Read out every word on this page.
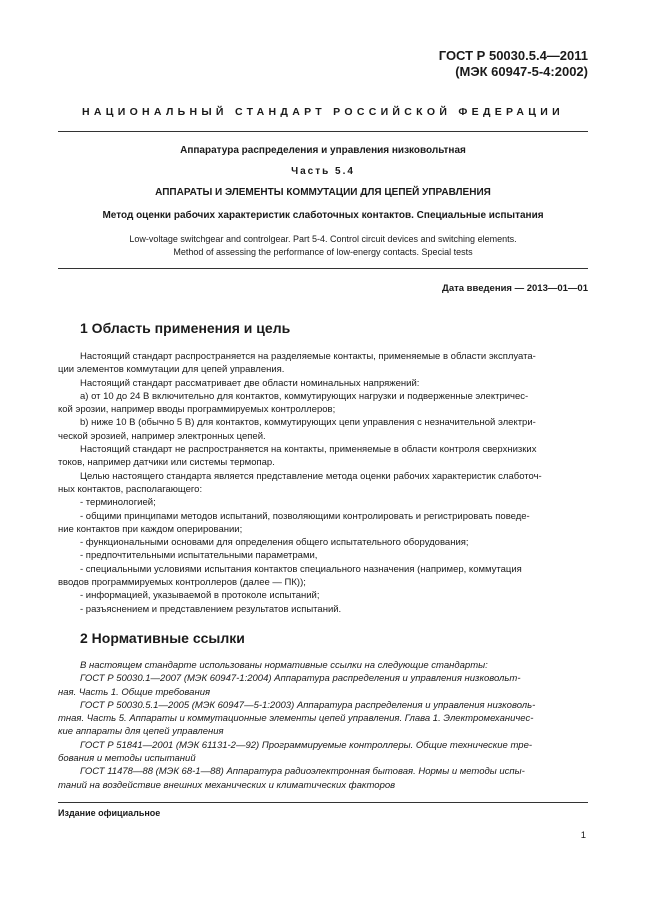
ГОСТ Р 50030.5.4—2011
(МЭК 60947-5-4:2002)
НАЦИОНАЛЬНЫЙ СТАНДАРТ РОССИЙСКОЙ ФЕДЕРАЦИИ
Аппаратура распределения и управления низковольтная
Часть 5.4
АППАРАТЫ И ЭЛЕМЕНТЫ КОММУТАЦИИ ДЛЯ ЦЕПЕЙ УПРАВЛЕНИЯ
Метод оценки рабочих характеристик слаботочных контактов. Специальные испытания
Low-voltage switchgear and controlgear. Part 5-4. Control circuit devices and switching elements.
Method of assessing the performance of low-energy contacts. Special tests
Дата введения — 2013—01—01
1 Область применения и цель
Настоящий стандарт распространяется на разделяемые контакты, применяемые в области эксплуата-
ции элементов коммутации для цепей управления.
Настоящий стандарт рассматривает две области номинальных напряжений:
а) от 10 до 24 В включительно для контактов, коммутирующих нагрузки и подверженные электричес-
кой эрозии, например вводы программируемых контроллеров;
b) ниже 10 В (обычно 5 В) для контактов, коммутирующих цепи управления с незначительной электри-
ческой эрозией, например электронных цепей.
Настоящий стандарт не распространяется на контакты, применяемые в области контроля сверхнизких
токов, например датчики или системы термопар.
Целью настоящего стандарта является представление метода оценки рабочих характеристик слаботоч-
ных контактов, располагающего:
- терминологией;
- общими принципами методов испытаний, позволяющими контролировать и регистрировать поведе-
ние контактов при каждом оперировании;
- функциональными основами для определения общего испытательного оборудования;
- предпочтительными испытательными параметрами,
- специальными условиями испытания контактов специального назначения (например, коммутация
вводов программируемых контроллеров (далее — ПК));
- информацией, указываемой в протоколе испытаний;
- разъяснением и представлением результатов испытаний.
2 Нормативные ссылки
В настоящем стандарте использованы нормативные ссылки на следующие стандарты:
ГОСТ Р 50030.1—2007 (МЭК 60947-1:2004) Аппаратура распределения и управления низковольт-
ная. Часть 1. Общие требования
ГОСТ Р 50030.5.1—2005 (МЭК 60947—5-1:2003) Аппаратура распределения и управления низковоль-
тная. Часть 5. Аппараты и коммутационные элементы цепей управления. Глава 1. Электромеханичес-
кие аппараты для цепей управления
ГОСТ Р 51841—2001 (МЭК 61131-2—92) Программируемые контроллеры. Общие технические тре-
бования и методы испытаний
ГОСТ 11478—88 (МЭК 68-1—88) Аппаратура радиоэлектронная бытовая. Нормы и методы испы-
таний на воздействие внешних механических и климатических факторов
Издание официальное
1
